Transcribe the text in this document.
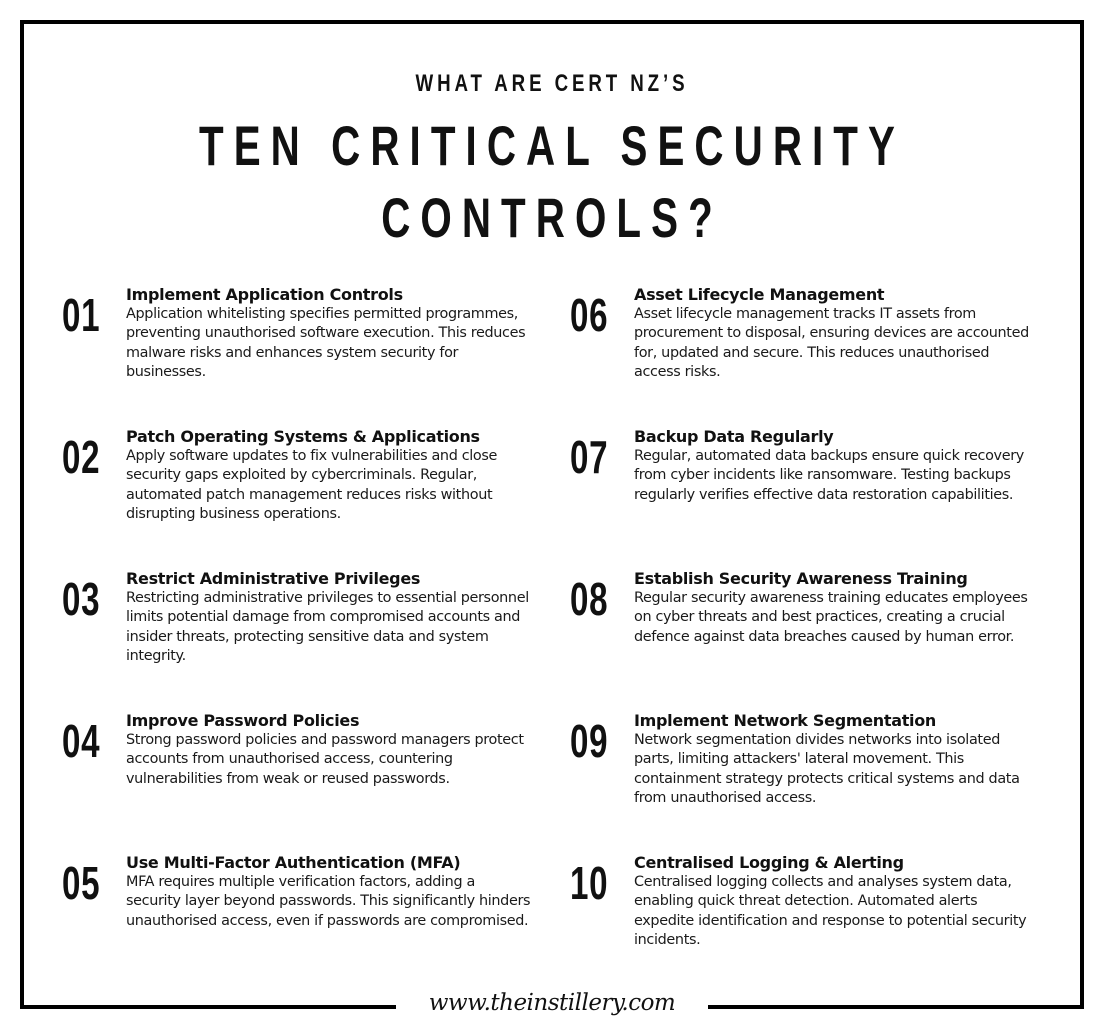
WHAT ARE CERT NZ’S
TEN CRITICAL SECURITY
CONTROLS?
01	Implement Application Controls
Application whitelisting specifies permitted programmes, preventing unauthorised software execution. This reduces malware risks and enhances system security for businesses.
06	Asset Lifecycle Management
Asset lifecycle management tracks IT assets from procurement to disposal, ensuring devices are accounted for, updated and secure. This reduces unauthorised access risks.
02	Patch Operating Systems & Applications
Apply software updates to fix vulnerabilities and close security gaps exploited by cybercriminals. Regular, automated patch management reduces risks without disrupting business operations.
07	Backup Data Regularly
Regular, automated data backups ensure quick recovery from cyber incidents like ransomware. Testing backups regularly verifies effective data restoration capabilities.
03	Restrict Administrative Privileges
Restricting administrative privileges to essential personnel limits potential damage from compromised accounts and insider threats, protecting sensitive data and system integrity.
08	Establish Security Awareness Training
Regular security awareness training educates employees on cyber threats and best practices, creating a crucial defence against data breaches caused by human error.
04	Improve Password Policies
Strong password policies and password managers protect accounts from unauthorised access, countering vulnerabilities from weak or reused passwords.
09	Implement Network Segmentation
Network segmentation divides networks into isolated parts, limiting attackers' lateral movement. This containment strategy protects critical systems and data from unauthorised access.
05	Use Multi-Factor Authentication (MFA)
MFA requires multiple verification factors, adding a security layer beyond passwords. This significantly hinders unauthorised access, even if passwords are compromised.
10	Centralised Logging & Alerting
Centralised logging collects and analyses system data, enabling quick threat detection. Automated alerts expedite identification and response to potential security incidents.
www.theinstillery.com
